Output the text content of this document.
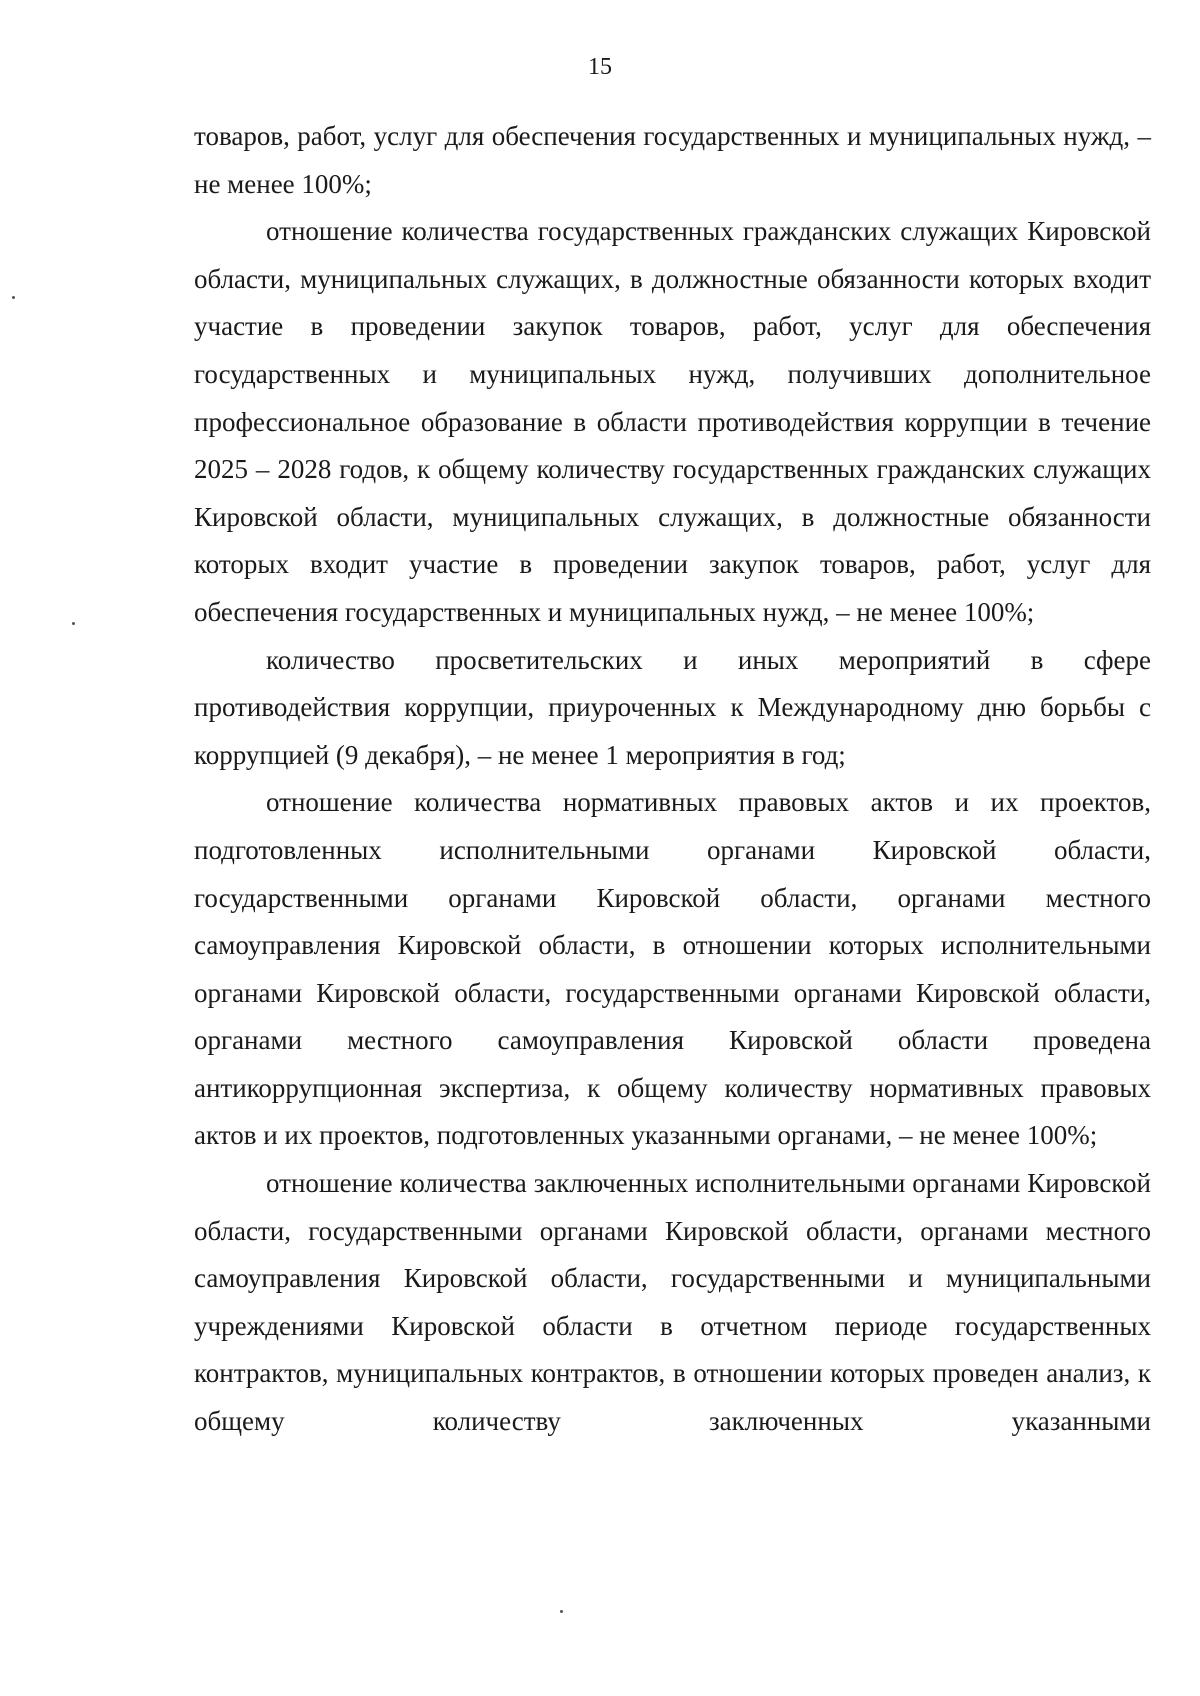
15

товаров, работ, услуг для обеспечения государственных и муниципальных нужд, – не менее 100%;

отношение количества государственных гражданских служащих Кировской области, муниципальных служащих, в должностные обязанности которых входит участие в проведении закупок товаров, работ, услуг для обеспечения государственных и муниципальных нужд, получивших дополнительное профессиональное образование в области противодействия коррупции в течение 2025 – 2028 годов, к общему количеству государственных гражданских служащих Кировской области, муниципальных служащих, в должностные обязанности которых входит участие в проведении закупок товаров, работ, услуг для обеспечения государственных и муниципальных нужд, – не менее 100%;

количество просветительских и иных мероприятий в сфере противодействия коррупции, приуроченных к Международному дню борьбы с коррупцией (9 декабря), – не менее 1 мероприятия в год;

отношение количества нормативных правовых актов и их проектов, подготовленных исполнительными органами Кировской области, государственными органами Кировской области, органами местного самоуправления Кировской области, в отношении которых исполнительными органами Кировской области, государственными органами Кировской области, органами местного самоуправления Кировской области проведена антикоррупционная экспертиза, к общему количеству нормативных правовых актов и их проектов, подготовленных указанными органами, – не менее 100%;

отношение количества заключенных исполнительными органами Кировской области, государственными органами Кировской области, органами местного самоуправления Кировской области, государственными и муниципальными учреждениями Кировской области в отчетном периоде государственных контрактов, муниципальных контрактов, в отношении которых проведен анализ, к общему количеству заключенных указанными
